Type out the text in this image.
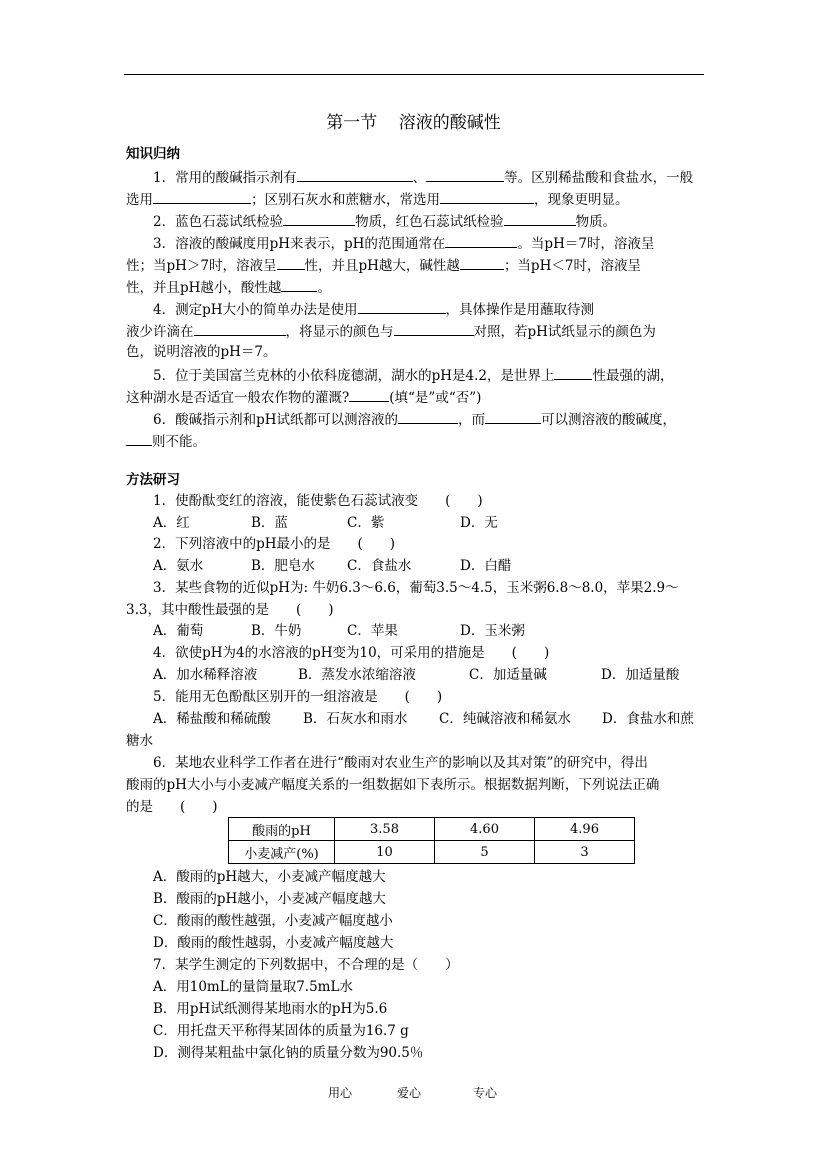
第一节    溶液的酸碱性
知识归纳
1．常用的酸碱指示剂有	、	等。区别稀盐酸和食盐水，一般
选用	；区别石灰水和蔗糖水，常选用	，现象更明显。
2．蓝色石蕊试纸检验	物质，红色石蕊试纸检验	物质。
3．溶液的酸碱度用pH来表示，pH的范围通常在	。当pH＝7时，溶液呈
性；当pH＞7时，溶液呈 性，并且pH越大，碱性越	；当pH＜7时，溶液呈
性，并且pH越小，酸性越	。
4．测定pH大小的简单办法是使用	，具体操作是用蘸取待测
液少许滴在	，将显示的颜色与	对照，若pH试纸显示的颜色为
色，说明溶液的pH＝7。
5．位于美国富兰克林的小依科庞德湖，湖水的pH是4.2，是世界上	性最强的湖，
这种湖水是否适宜一般农作物的灌溉?	(填“是”或“否”)
6．酸碱指示剂和pH试纸都可以测溶液的	，而	可以测溶液的酸碱度，
则不能。
方法研习
1．使酚酞变红的溶液，能使紫色石蕊试液变　　(　　)
A．红	B．蓝	C．紫	D．无
2．下列溶液中的pH最小的是　　(　　)
A．氨水	B．肥皂水 C．食盐水	D．白醋
3．某些食物的近似pH为: 牛奶6.3～6.6，葡萄3.5～4.5，玉米粥6.8～8.0，苹果2.9～
3.3，其中酸性最强的是　　(　　)
A．葡萄	B．牛奶	C．苹果	D．玉米粥
4．欲使pH为4的水溶液的pH变为10，可采用的措施是　　(　　)
A．加水稀释溶液	B．蒸发水浓缩溶液	C．加适量碱	D．加适量酸
5．能用无色酚酞区别开的一组溶液是　　(　　)
A．稀盐酸和稀硫酸 B．石灰水和雨水 C．纯碱溶液和稀氨水 D．食盐水和蔗
糖水
6．某地农业科学工作者在进行“酸雨对农业生产的影响以及其对策”的研究中，得出
酸雨的pH大小与小麦减产幅度关系的一组数据如下表所示。根据数据判断，下列说法正确
的是　　(　　)
酸雨的pH	3.58	4.60	4.96
小麦减产(%)	10	5	3
A．酸雨的pH越大，小麦减产幅度越大
B．酸雨的pH越小，小麦减产幅度越大
C．酸雨的酸性越强，小麦减产幅度越小
D．酸雨的酸性越弱，小麦减产幅度越大
7．某学生测定的下列数据中，不合理的是（　　）
A．用10mL的量筒量取7.5mL水
B．用pH试纸测得某地雨水的pH为5.6
C．用托盘天平称得某固体的质量为16.7 g
D．测得某粗盐中氯化钠的质量分数为90.5％
用心	爱心	专心
